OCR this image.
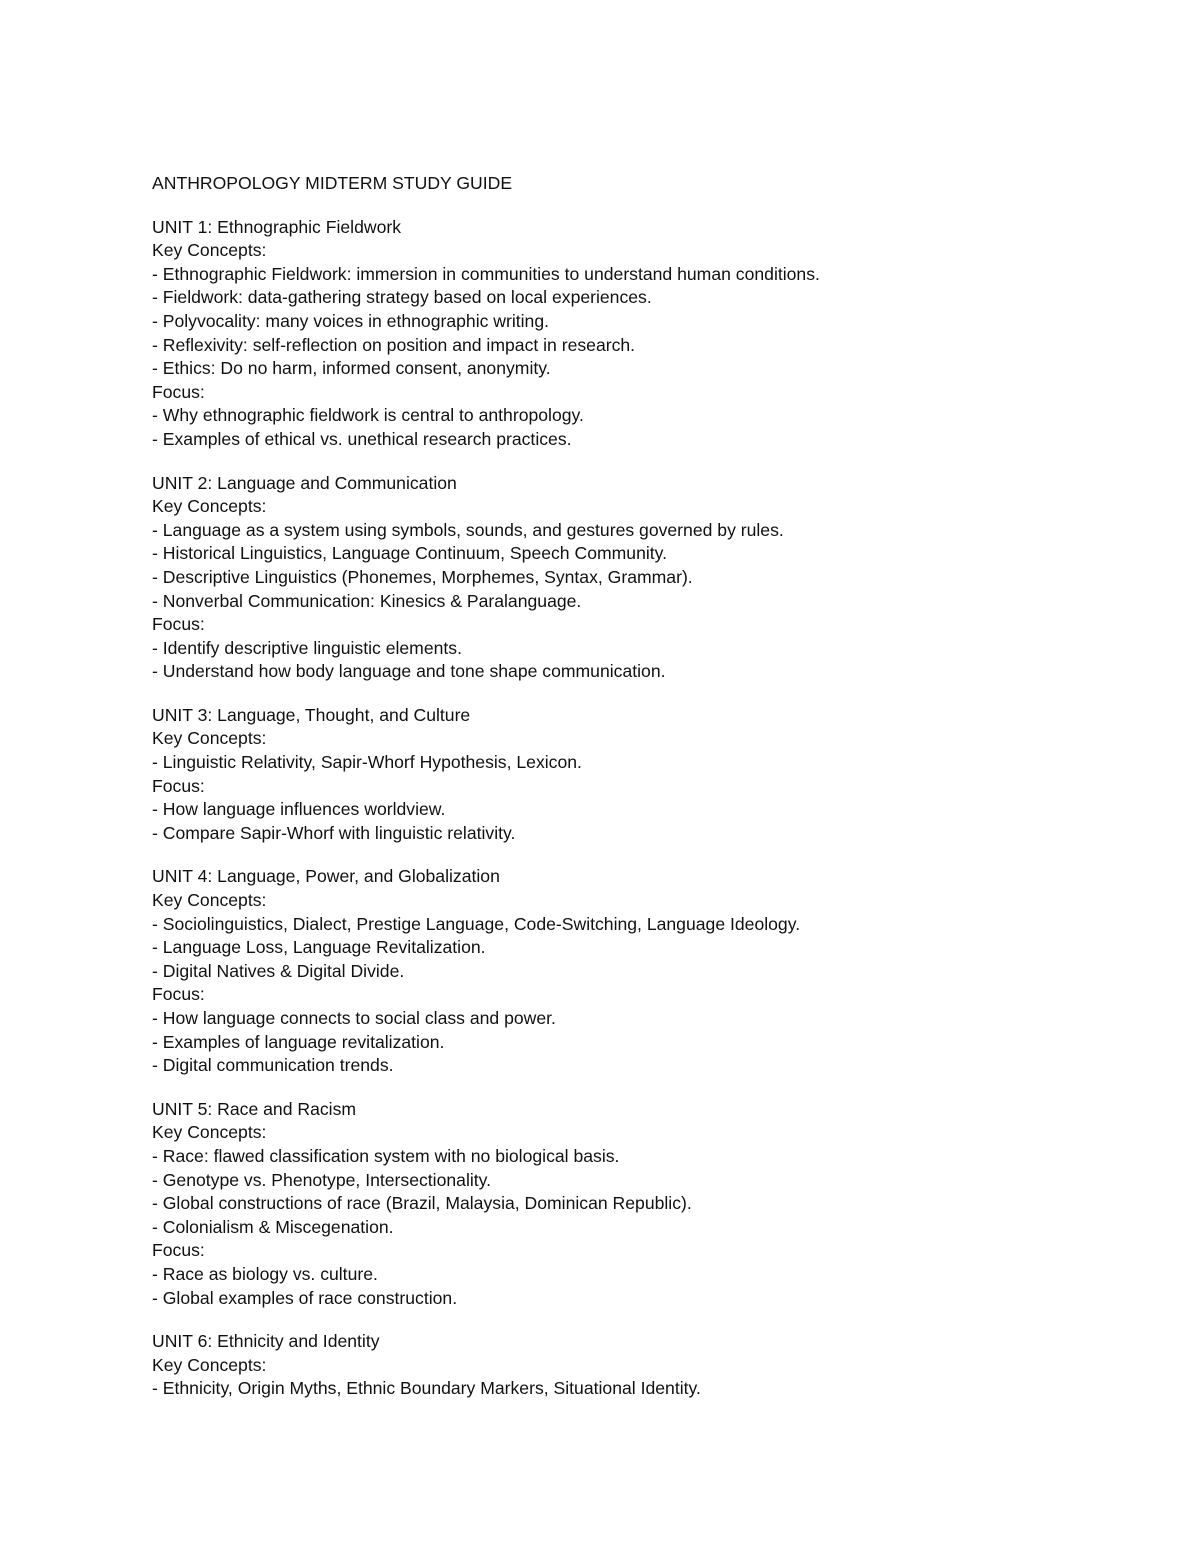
ANTHROPOLOGY MIDTERM STUDY GUIDE
UNIT 1: Ethnographic Fieldwork
Key Concepts:
- Ethnographic Fieldwork: immersion in communities to understand human conditions.
- Fieldwork: data-gathering strategy based on local experiences.
- Polyvocality: many voices in ethnographic writing.
- Reflexivity: self-reflection on position and impact in research.
- Ethics: Do no harm, informed consent, anonymity.
Focus:
- Why ethnographic fieldwork is central to anthropology.
- Examples of ethical vs. unethical research practices.
UNIT 2: Language and Communication
Key Concepts:
- Language as a system using symbols, sounds, and gestures governed by rules.
- Historical Linguistics, Language Continuum, Speech Community.
- Descriptive Linguistics (Phonemes, Morphemes, Syntax, Grammar).
- Nonverbal Communication: Kinesics & Paralanguage.
Focus:
- Identify descriptive linguistic elements.
- Understand how body language and tone shape communication.
UNIT 3: Language, Thought, and Culture
Key Concepts:
- Linguistic Relativity, Sapir-Whorf Hypothesis, Lexicon.
Focus:
- How language influences worldview.
- Compare Sapir-Whorf with linguistic relativity.
UNIT 4: Language, Power, and Globalization
Key Concepts:
- Sociolinguistics, Dialect, Prestige Language, Code-Switching, Language Ideology.
- Language Loss, Language Revitalization.
- Digital Natives & Digital Divide.
Focus:
- How language connects to social class and power.
- Examples of language revitalization.
- Digital communication trends.
UNIT 5: Race and Racism
Key Concepts:
- Race: flawed classification system with no biological basis.
- Genotype vs. Phenotype, Intersectionality.
- Global constructions of race (Brazil, Malaysia, Dominican Republic).
- Colonialism & Miscegenation.
Focus:
- Race as biology vs. culture.
- Global examples of race construction.
UNIT 6: Ethnicity and Identity
Key Concepts:
- Ethnicity, Origin Myths, Ethnic Boundary Markers, Situational Identity.
